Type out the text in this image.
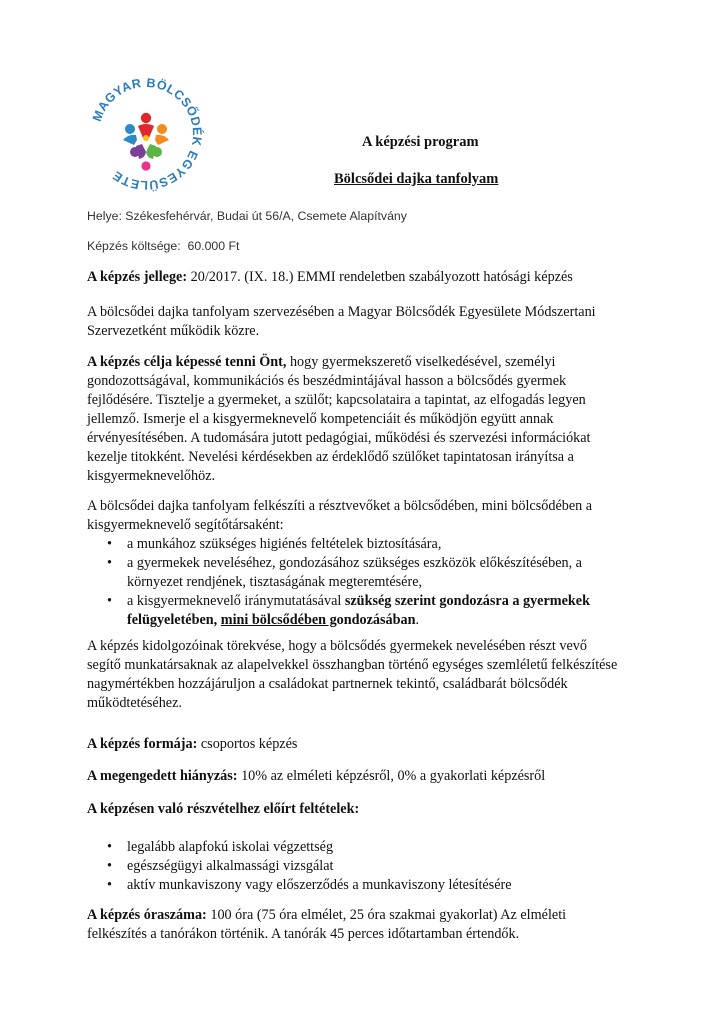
MAGYAR BÖLCSŐDÉK EGYESÜLETE
A képzési program
Bölcsődei dajka tanfolyam
Helye: Székesfehérvár, Budai út 56/A, Csemete Alapítvány
Képzés költsége: 60.000 Ft
A képzés jellege: 20/2017. (IX. 18.) EMMI rendeletben szabályozott hatósági képzés
A bölcsődei dajka tanfolyam szervezésében a Magyar Bölcsődék Egyesülete Módszertani
Szervezetként működik közre.
A képzés célja képessé tenni Önt, hogy gyermekszerető viselkedésével, személyi
gondozottságával, kommunikációs és beszédmintájával hasson a bölcsődés gyermek
fejlődésére. Tisztelje a gyermeket, a szülőt; kapcsolataira a tapintat, az elfogadás legyen
jellemző. Ismerje el a kisgyermeknevelő kompetenciáit és működjön együtt annak
érvényesítésében. A tudomására jutott pedagógiai, működési és szervezési információkat
kezelje titokként. Nevelési kérdésekben az érdeklődő szülőket tapintatosan irányítsa a
kisgyermeknevelőhöz.
A bölcsődei dajka tanfolyam felkészíti a résztvevőket a bölcsődében, mini bölcsődében a
kisgyermeknevelő segítőtársaként:
• a munkához szükséges higiénés feltételek biztosítására,
• a gyermekek neveléséhez, gondozásához szükséges eszközök előkészítésében, a
környezet rendjének, tisztaságának megteremtésére,
• a kisgyermeknevelő iránymutatásával szükség szerint gondozásra a gyermekek
felügyeletében, mini bölcsődében gondozásában.
A képzés kidolgozóinak törekvése, hogy a bölcsődés gyermekek nevelésében részt vevő
segítő munkatársaknak az alapelvekkel összhangban történő egységes szemléletű felkészítése
nagymértékben hozzájáruljon a családokat partnernek tekintő, családbarát bölcsődék
működtetéséhez.
A képzés formája: csoportos képzés
A megengedett hiányzás: 10% az elméleti képzésről, 0% a gyakorlati képzésről
A képzésen való részvételhez előírt feltételek:
• legalább alapfokú iskolai végzettség
• egészségügyi alkalmassági vizsgálat
• aktív munkaviszony vagy előszerződés a munkaviszony létesítésére
A képzés óraszáma: 100 óra (75 óra elmélet, 25 óra szakmai gyakorlat) Az elméleti
felkészítés a tanórákon történik. A tanórák 45 perces időtartamban értendők.
